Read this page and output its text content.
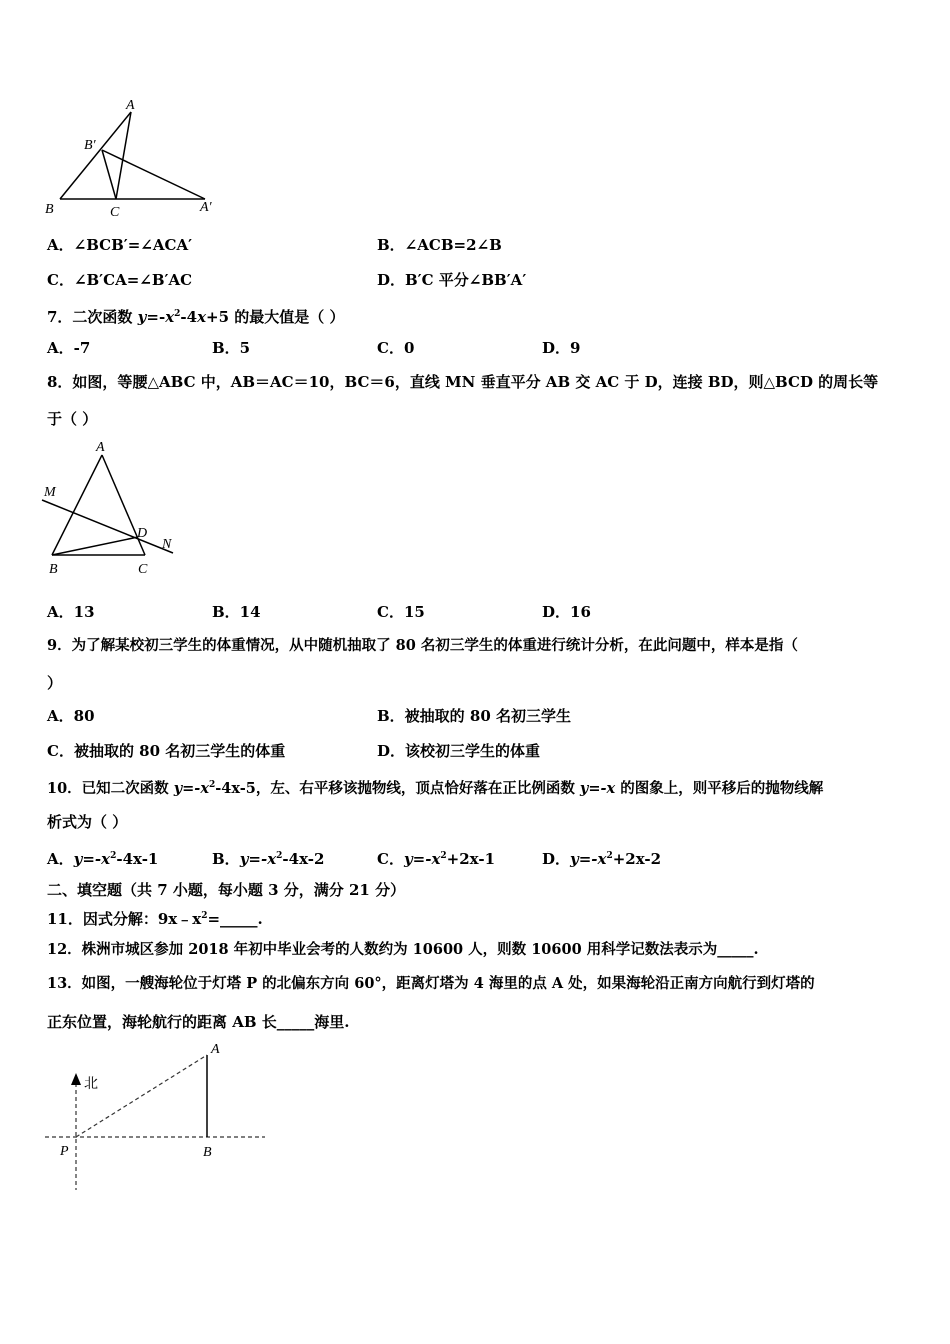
A
B′
B	C	A′
A．∠BCB′=∠ACA′	B．∠ACB=2∠B
C．∠B′CA=∠B′AC	D．B′C 平分∠BB′A′
7．二次函数 $y=-x^2-4x+5$ 的最大值是（ ）
A．-7	B．5	C．0	D．9
8．如图，等腰△ABC 中，AB＝AC＝10，BC＝6，直线 MN 垂直平分 AB 交 AC 于 D，连接 BD，则△BCD 的周长等
于（ ）
A
M
D
N
B	C
A．13	B．14	C．15	D．16
9．为了解某校初三学生的体重情况，从中随机抽取了 80 名初三学生的体重进行统计分析，在此问题中，样本是指（
）
A．80	B．被抽取的 80 名初三学生
C．被抽取的 80 名初三学生的体重	D．该校初三学生的体重
10．已知二次函数 $y=-x^2-4x-5$，左、右平移该抛物线，顶点恰好落在正比例函数 y=-x 的图象上，则平移后的抛物线解
析式为（ ）
A．$y=-x^2-4x-1$	B．$y=-x^2-4x-2$	C．$y=-x^2+2x-1$	D．$y=-x^2+2x-2$
二、填空题（共 7 小题，每小题 3 分，满分 21 分）
11．因式分解：$9x﹣x^2=\_\_\_\_\_$.
12．株洲市城区参加 2018 年初中毕业会考的人数约为 10600 人，则数 10600 用科学记数法表示为_____.
13．如图，一艘海轮位于灯塔 P 的北偏东方向 60°，距离灯塔为 4 海里的点 A 处，如果海轮沿正南方向航行到灯塔的
正东位置，海轮航行的距离 AB 长_____海里.
北
A
P	B
